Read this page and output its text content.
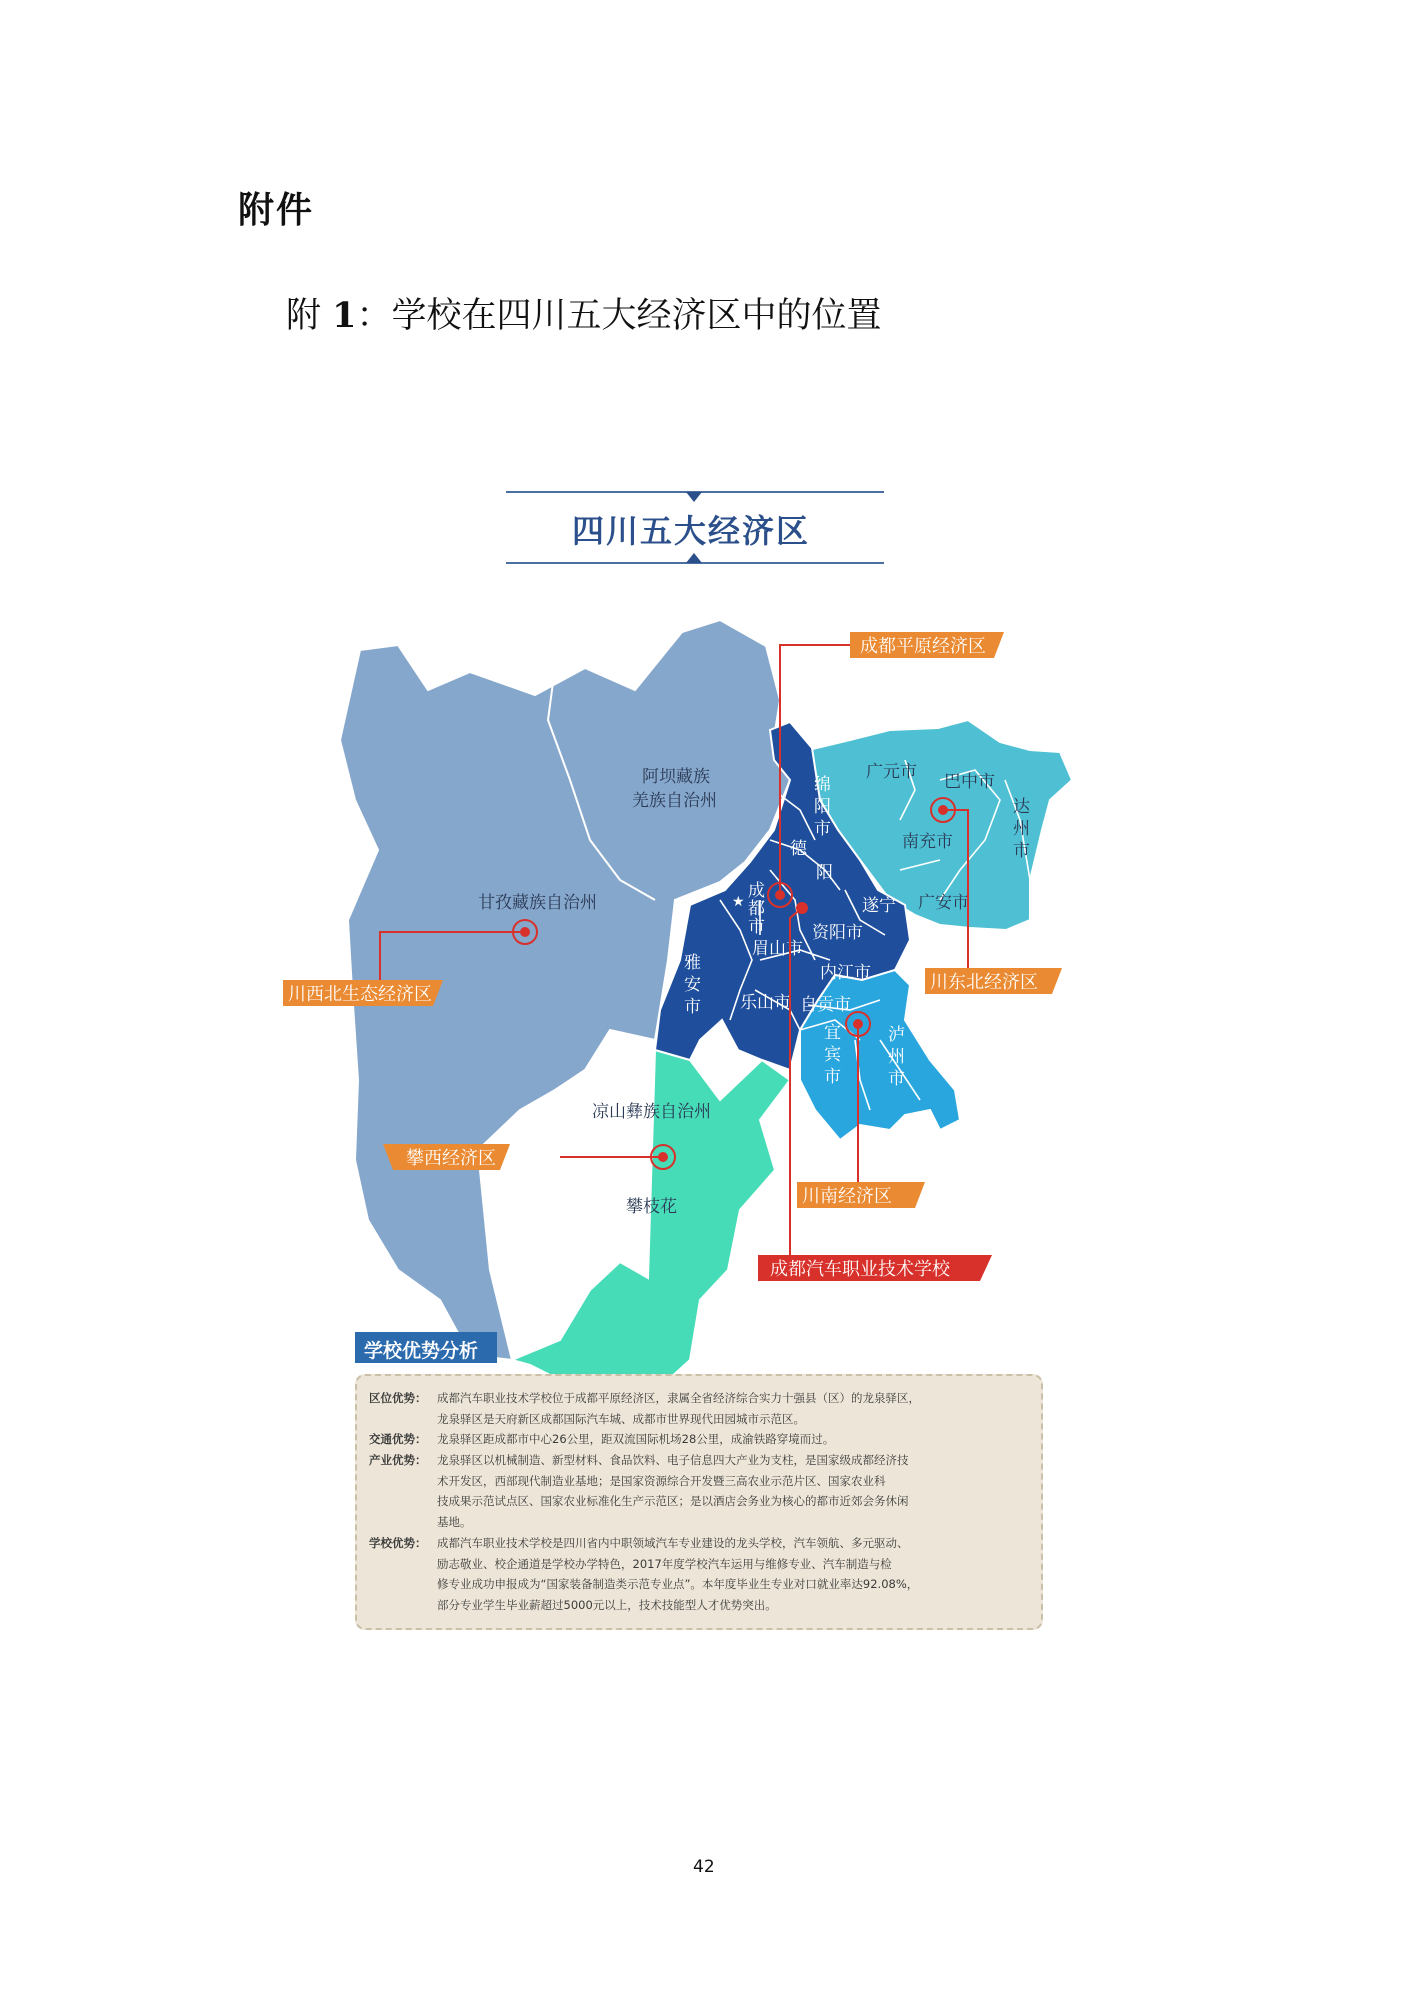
附件
附 1：学校在四川五大经济区中的位置
阿坝藏族
羌族自治州
甘孜藏族自治州
凉山彝族自治州
攀枝花
广元市 巴中市
达
州
市
南充市
广安市
遂宁
绵
阳
市
德
阳
成
都
市	资阳市
眉山市
雅
安
市 乐山市
内江市
自贡市
宜
宾
市
泸
州
市
★
成都平原经济区
川西北生态经济区
川东北经济区
攀西经济区
川南经济区
成都汽车职业技术学校
四川五大经济区
学校优势分析
区位优势： 成都汽车职业技术学校位于成都平原经济区，隶属全省经济综合实力十强县（区）的龙泉驿区，
龙泉驿区是天府新区成都国际汽车城、成都市世界现代田园城市示范区。
交通优势： 龙泉驿区距成都市中心26公里，距双流国际机场28公里，成渝铁路穿境而过。
产业优势： 龙泉驿区以机械制造、新型材料、食品饮料、电子信息四大产业为支柱，是国家级成都经济技
术开发区，西部现代制造业基地；是国家资源综合开发暨三高农业示范片区、国家农业科
技成果示范试点区、国家农业标准化生产示范区；是以酒店会务业为核心的都市近郊会务休闲
基地。
学校优势： 成都汽车职业技术学校是四川省内中职领域汽车专业建设的龙头学校，汽车领航、多元驱动、
励志敬业、校企通道是学校办学特色，2017年度学校汽车运用与维修专业、汽车制造与检
修专业成功申报成为“国家装备制造类示范专业点”。本年度毕业生专业对口就业率达92.08%，
部分专业学生毕业薪超过5000元以上，技术技能型人才优势突出。
42
